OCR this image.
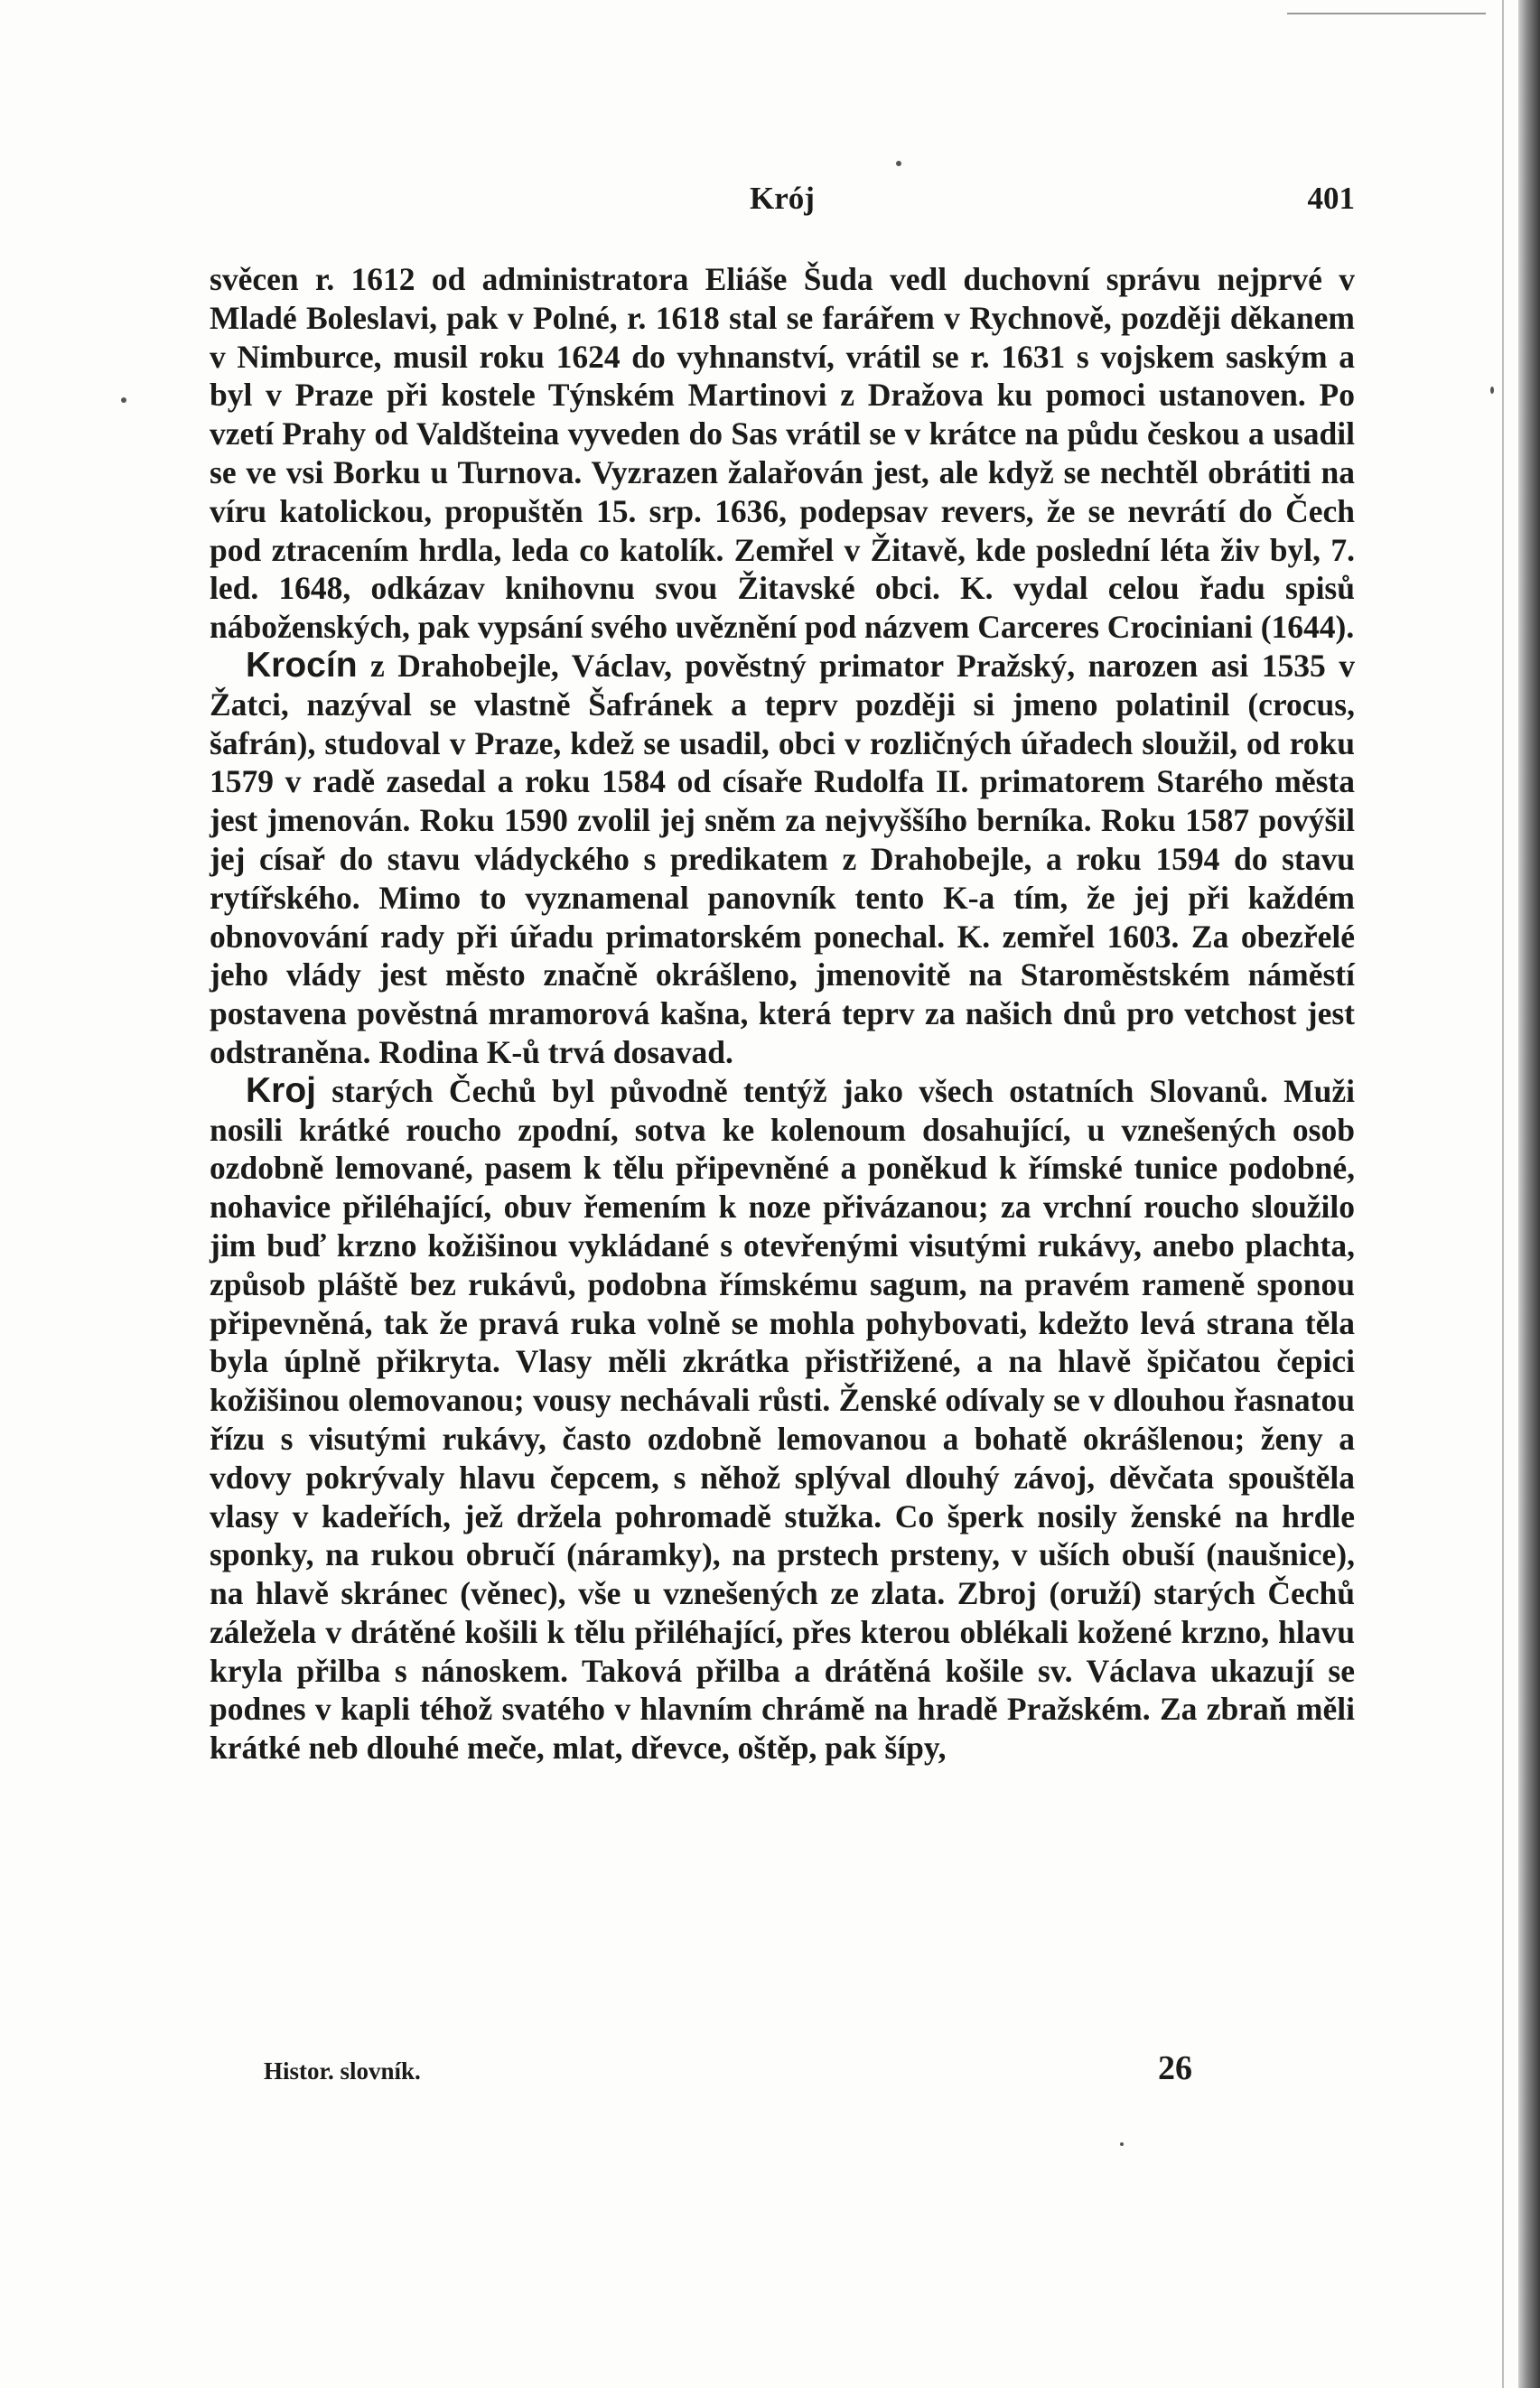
Krój	401

svěcen r. 1612 od administratora Eliáše Šuda vedl duchovní správu nejprvé v Mladé Boleslavi, pak v Polné, r. 1618 stal se farářem v Rychnově, později děkanem v Nimburce, musil roku 1624 do vyhnanství, vrátil se r. 1631 s vojskem saským a byl v Praze při kostele Týnském Martinovi z Dražova ku pomoci ustanoven. Po vzetí Prahy od Valdšteina vyveden do Sas vrátil se v krátce na půdu českou a usadil se ve vsi Borku u Turnova. Vyzrazen žalařován jest, ale když se nechtěl obrátiti na víru katolickou, propuštěn 15. srp. 1636, podepsav revers, že se nevrátí do Čech pod ztracením hrdla, leda co katolík. Zemřel v Žitavě, kde poslední léta živ byl, 7. led. 1648, odkázav knihovnu svou Žitavské obci. K. vydal celou řadu spisů náboženských, pak vypsání svého uvěznění pod názvem Carceres Crociniani (1644).

Krocín z Drahobejle, Václav, pověstný primator Pražský, narozen asi 1535 v Žatci, nazýval se vlastně Šafránek a teprv později si jmeno polatinil (crocus, šafrán), studoval v Praze, kdež se usadil, obci v rozličných úřadech sloužil, od roku 1579 v radě zasedal a roku 1584 od císaře Rudolfa II. primatorem Starého města jest jmenován. Roku 1590 zvolil jej sněm za nejvyššího berníka. Roku 1587 povýšil jej císař do stavu vládyckého s predikatem z Drahobejle, a roku 1594 do stavu rytířského. Mimo to vyznamenal panovník tento K-a tím, že jej při každém obnovování rady při úřadu primatorském ponechal. K. zemřel 1603. Za obezřelé jeho vlády jest město značně okrášleno, jmenovitě na Staroměstském náměstí postavena pověstná mramorová kašna, která teprv za našich dnů pro vetchost jest odstraněna. Rodina K-ů trvá dosavad.

Kroj starých Čechů byl původně tentýž jako všech ostatních Slovanů. Muži nosili krátké roucho zpodní, sotva ke kolenoum dosahující, u vznešených osob ozdobně lemované, pasem k tělu připevněné a poněkud k římské tunice podobné, nohavice přiléhající, obuv řemením k noze přivázanou; za vrchní roucho sloužilo jim buď krzno kožišinou vykládané s otevřenými visutými rukávy, anebo plachta, způsob pláště bez rukávů, podobna římskému sagum, na pravém rameně sponou připevněná, tak že pravá ruka volně se mohla pohybovati, kdežto levá strana těla byla úplně přikryta. Vlasy měli zkrátka přistřižené, a na hlavě špičatou čepici kožišinou olemovanou; vousy nechávali růsti. Ženské odívaly se v dlouhou řasnatou řízu s visutými rukávy, často ozdobně lemovanou a bohatě okrášlenou; ženy a vdovy pokrývaly hlavu čepcem, s něhož splýval dlouhý závoj, děvčata spouštěla vlasy v kadeřích, jež držela pohromadě stužka. Co šperk nosily ženské na hrdle sponky, na rukou obručí (náramky), na prstech prsteny, v uších obuší (naušnice), na hlavě skránec (věnec), vše u vznešených ze zlata. Zbroj (oruží) starých Čechů záležela v drátěné košili k tělu přiléhající, přes kterou oblékali kožené krzno, hlavu kryla přilba s nánoskem. Taková přilba a drátěná košile sv. Václava ukazují se podnes v kapli téhož svatého v hlavním chrámě na hradě Pražském. Za zbraň měli krátké neb dlouhé meče, mlat, dřevce, oštěp, pak šípy,

Histor. slovník.	26
